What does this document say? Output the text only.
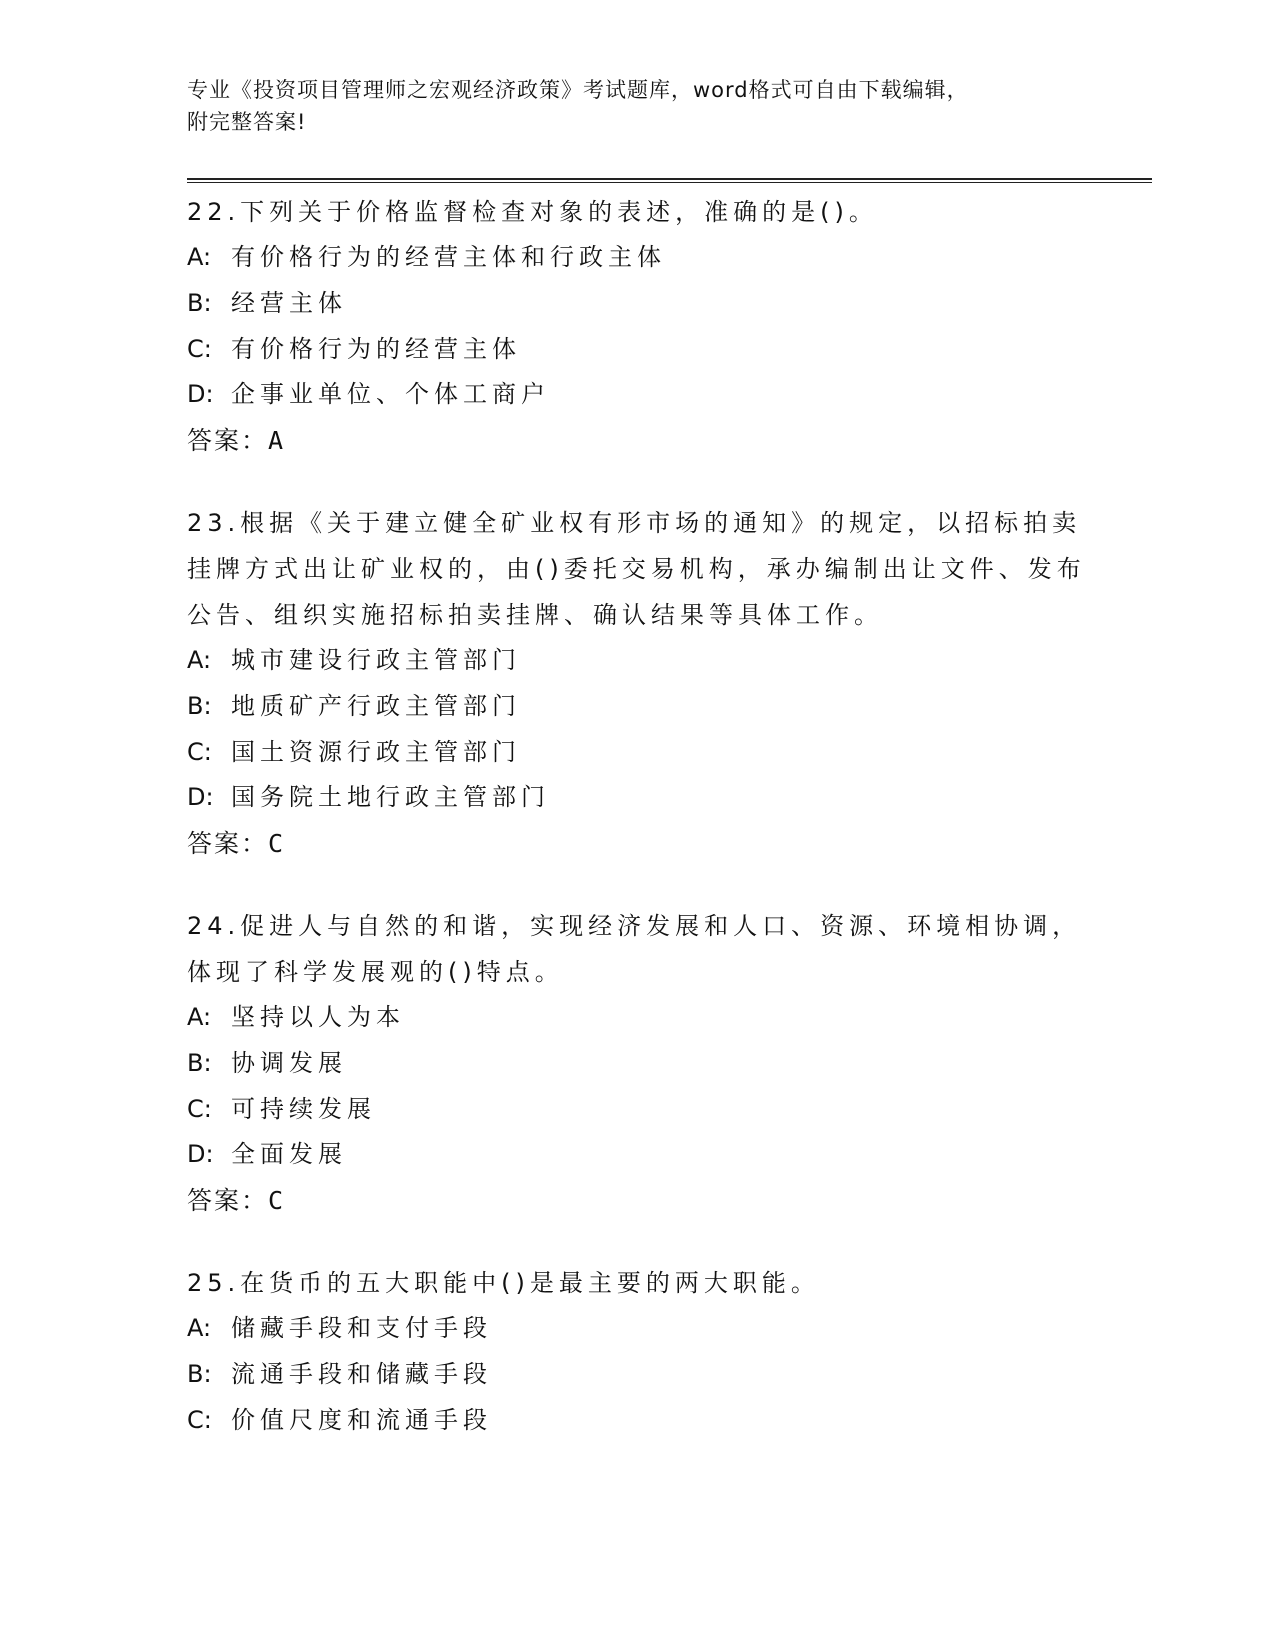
专业《投资项目管理师之宏观经济政策》考试题库，word格式可自由下载编辑，
附完整答案!
22.下列关于价格监督检查对象的表述，准确的是()。
A: 有价格行为的经营主体和行政主体
B: 经营主体
C: 有价格行为的经营主体
D: 企事业单位、个体工商户
答案：A
23.根据《关于建立健全矿业权有形市场的通知》的规定，以招标拍卖挂牌方式出让矿业权的，由()委托交易机构，承办编制出让文件、发布公告、组织实施招标拍卖挂牌、确认结果等具体工作。
A: 城市建设行政主管部门
B: 地质矿产行政主管部门
C: 国土资源行政主管部门
D: 国务院土地行政主管部门
答案：C
24.促进人与自然的和谐，实现经济发展和人口、资源、环境相协调，体现了科学发展观的()特点。
A: 坚持以人为本
B: 协调发展
C: 可持续发展
D: 全面发展
答案：C
25.在货币的五大职能中()是最主要的两大职能。
A: 储藏手段和支付手段
B: 流通手段和储藏手段
C: 价值尺度和流通手段
